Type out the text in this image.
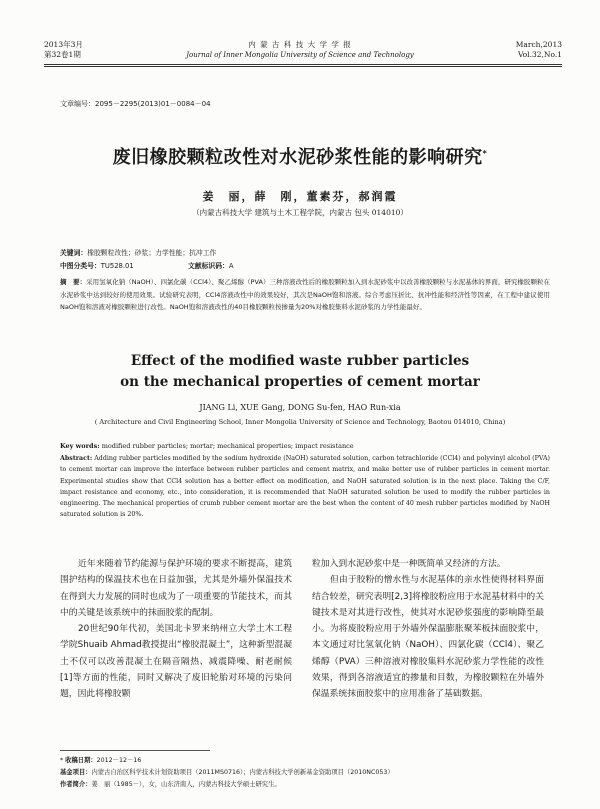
2013年3月
第32卷1期
内 蒙 古 科 技 大 学 学 报
Journal of Inner Mongolia University of Science and Technology
March,2013
Vol.32,No.1
文章编号：2095－2295(2013)01－0084－04
废旧橡胶颗粒改性对水泥砂浆性能的影响研究*
姜　丽，薛　刚，董素芬，郝润霞
（内蒙古科技大学 建筑与土木工程学院，内蒙古 包头 014010）
关键词：橡胶颗粒改性；砂浆；力学性能；抗冲工作
中图分类号：TU528.01	文献标识码：A
摘　要：采用氢氧化钠（NaOH）、四氯化碳（CCl4）、聚乙烯醇（PVA）三种溶液改性后的橡胶颗粒加入到水泥砂浆中以改善橡胶颗粒与水泥基体的界面，研究橡胶颗粒在水泥砂浆中达到较好的使用效果。试验研究表明，CCl4溶液改性中的效果较好，其次是NaOH饱和溶液。综合考虑压折比、抗冲性能和经济性等因素，在工程中建议使用NaOH饱和溶液对橡胶颗粒进行改性。NaOH饱和溶液改性的40目橡胶颗粒按掺量为20%对橡胶集料水泥砂浆的力学性能最好。
Effect of the modified waste rubber particles
on the mechanical properties of cement mortar
JIANG Li, XUE Gang, DONG Su-fen, HAO Run-xia
( Architecture and Civil Engineering School, Inner Mongolia University of Science and Technology, Baotou 014010, China)
Key words: modified rubber particles; mortar; mechanical properties; impact resistance
Abstract: Adding rubber particles modified by the sodium hydroxide (NaOH) saturated solution, carbon tetrachloride (CCl4) and polyvinyl alcohol (PVA) to cement mortar can improve the interface between rubber particles and cement matrix, and make better use of rubber particles in cement mortar. Experimental studies show that CCl4 solution has a better effect on modification, and NaOH saturated solution is in the next place. Taking the C/F, impact resistance and economy, etc., into consideration, it is recommended that NaOH saturated solution be used to modify the rubber particles in engineering. The mechanical properties of crumb rubber cement mortar are the best when the content of 40 mesh rubber particles modified by NaOH saturated solution is 20%.

近年来随着节约能源与保护环境的要求不断提高，建筑围护结构的保温技术也在日益加强，尤其是外墙外保温技术在得到大力发展的同时也成为了一项重要的节能技术，而其中的关键是该系统中的抹面胶浆的配制。

20世纪90年代初，美国北卡罗来纳州立大学土木工程学院Shuaib Ahmad教授提出“橡胶混凝土”，这种新型混凝土不仅可以改善混凝土在隔音隔热、减震降噪、耐老耐候[1]等方面的性能，同时又解决了废旧轮胎对环境的污染问题，因此将橡胶颗

粒加入到水泥砂浆中是一种既简单又经济的方法。

但由于胶粉的憎水性与水泥基体的亲水性使得材料界面结合较差，研究表明[2,3]将橡胶粉应用于水泥基材料中的关键技术是对其进行改性，使其对水泥砂浆强度的影响降至最小。为将废胶粉应用于外墙外保温膨胀聚苯板抹面胶浆中，本文通过对比氢氧化钠（NaOH）、四氯化碳（CCl4）、聚乙烯醇（PVA）三种溶液对橡胶集料水泥砂浆力学性能的改性效果，得到各溶液适宜的掺量和目数，为橡胶颗粒在外墙外保温系统抹面胶浆中的应用准备了基础数据。

* 收稿日期：2012－12－16
基金项目：内蒙古自治区科学技术计划资助项目（2011MS0716）；内蒙古科技大学创新基金资助项目（2010NC053）
作者简介：姜　丽（1985－），女，山东济南人，内蒙古科技大学硕士研究生。
